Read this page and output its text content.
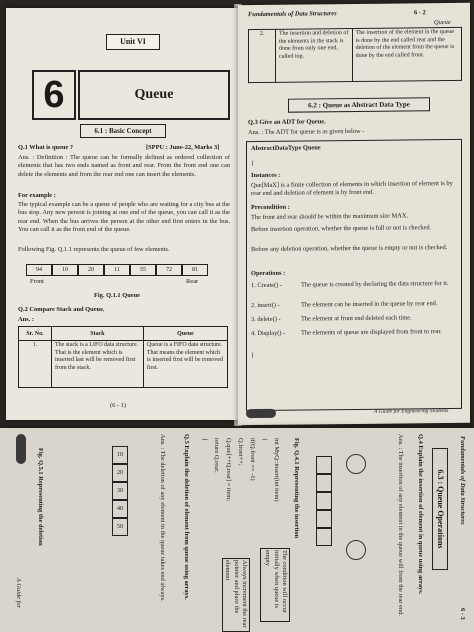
Unit VI
6	Queue
6.1 : Basic Concept
Q.1 What is queue ?	[SPPU : June-22, Marks 3]
Ans. : Definition : The queue can be formally defined as ordered collection of elements that has two ends named as front and rear. From the front end one can delete the elements and from the rear end one can insert the elements.
For example :
The typical example can be a queue of people who are waiting for a city bus at the bus stop. Any new person is joining at one end of the queue, you can call it as the rear end. When the bus arrives the person at the other end first enters in the bus. You can call it as the front end of the queue.
Following Fig. Q.1.1 represents the queue of few elements.
94	10	20	11	55	72	81
Front	Rear
Fig. Q.1.1 Queue
Q.2 Compare Stack and Queue.
Ans. :
Sr. No.	Stack	Queue
1.	The stack is a LIFO data structure. That is the element which is inserted last will be removed first from the stack.	Queue is a FIFO data structure. That means the element which is inserted first will be removed first.
(6 - 1)
Fundamentals of Data Structures	6 - 2
Queue
2.	The insertion and deletion of the elements in the stack is done from only one end, called top.	The insertion of the element in the queue is done by the end called rear and the deletion of the element from the queue is done by the end called front.
6.2 : Queue as Abstract Data Type
Q.3 Give an ADT for Queue.
Ans. : The ADT for queue is as given below -
AbstractDataType Queue
{
Instances :
Que[MaX] is a finite collection of elements in which insertion of element is by rear end and deletion of element is by front end.
Precondition :
The front and rear should be within the maximum size MAX.
Before insertion operation, whether the queue is full or not is checked.
Before any deletion operation, whether the queue is empty or not is checked.
Operations :
1. Create() -	The queue is created by declaring the data structure for it.
2. insert() -	The element can be inserted in the queue by rear end.
3. delete() -	The element at front end deleted each time.
4. Display() -	The elements of queue are displayed from front to rear.
}
A Guide for Engineering Students
Fundamentals of Data Structures
6 - 3
6.3 : Queue Operations
Q.4 Explain the insertion of element in queue using arrays.
Ans. : The insertion of any element in the queue will from the rear end.
Fig. Q.4.1 Representing the insertion
int MyQ::insert(int item)
{
if(Q.front == -1)
Q.front++;
Q.que[++Q.rear] = item;
return Q.rear;
}
The condition will occur initially when queue is empty
Always increment the rear pointer and place the element
Q.5 Explain the deletion of element from queue using arrays.
Ans. : The deletion of any element in the queue takes end always.
10
20
30
40
50
Fig. Q.5.1 Representing the deletion
A Guide for
